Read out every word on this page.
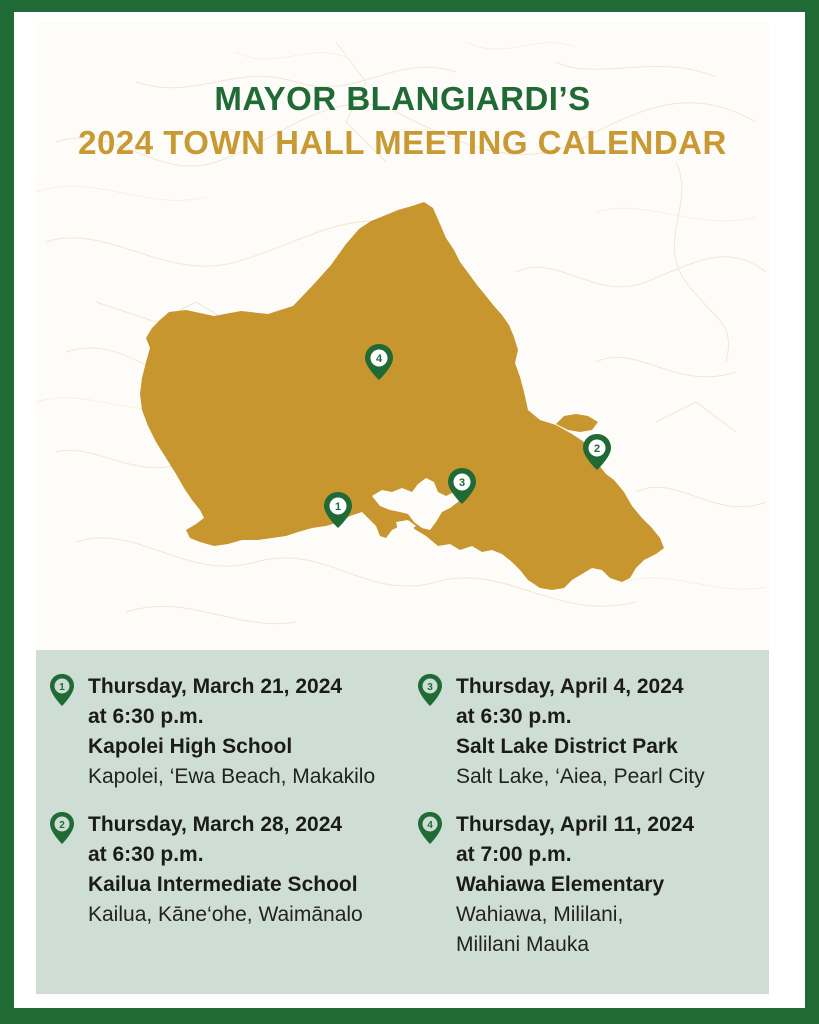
MAYOR BLANGIARDI’S
2024 TOWN HALL MEETING CALENDAR
1
2
3
4
1 Thursday, March 21, 2024
at 6:30 p.m.
Kapolei High School
Kapolei, ‘Ewa Beach, Makakilo
2 Thursday, March 28, 2024
at 6:30 p.m.
Kailua Intermediate School
Kailua, Kāne‘ohe, Waimānalo
3 Thursday, April 4, 2024
at 6:30 p.m.
Salt Lake District Park
Salt Lake, ‘Aiea, Pearl City
4 Thursday, April 11, 2024
at 7:00 p.m.
Wahiawa Elementary
Wahiawa, Mililani,
Mililani Mauka
